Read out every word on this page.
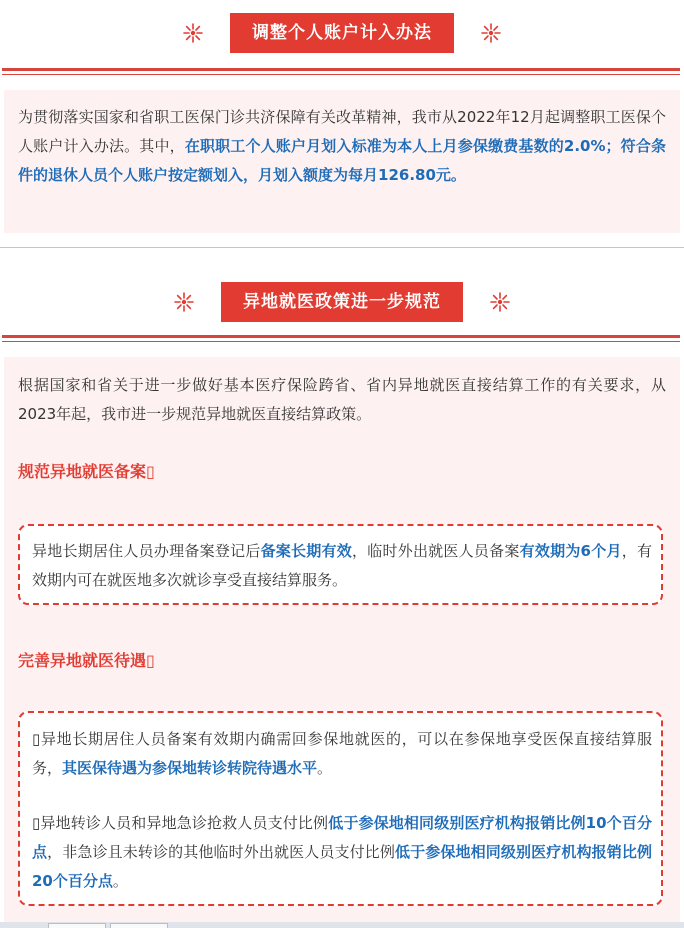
调整个人账户计入办法
为贯彻落实国家和省职工医保门诊共济保障有关改革精神，我市从2022年12月起调整职工医保个人账户计入办法。其中，在职职工个人账户月划入标准为本人上月参保缴费基数的2.0%；符合条件的退休人员个人账户按定额划入，月划入额度为每月126.80元。
异地就医政策进一步规范
根据国家和省关于进一步做好基本医疗保险跨省、省内异地就医直接结算工作的有关要求，从2023年起，我市进一步规范异地就医直接结算政策。
规范异地就医备案▯
异地长期居住人员办理备案登记后备案长期有效，临时外出就医人员备案有效期为6个月，有效期内可在就医地多次就诊享受直接结算服务。
完善异地就医待遇▯
▯异地长期居住人员备案有效期内确需回参保地就医的，可以在参保地享受医保直接结算服务，其医保待遇为参保地转诊转院待遇水平。
▯异地转诊人员和异地急诊抢救人员支付比例低于参保地相同级别医疗机构报销比例10个百分点，非急诊且未转诊的其他临时外出就医人员支付比例低于参保地相同级别医疗机构报销比例20个百分点。
